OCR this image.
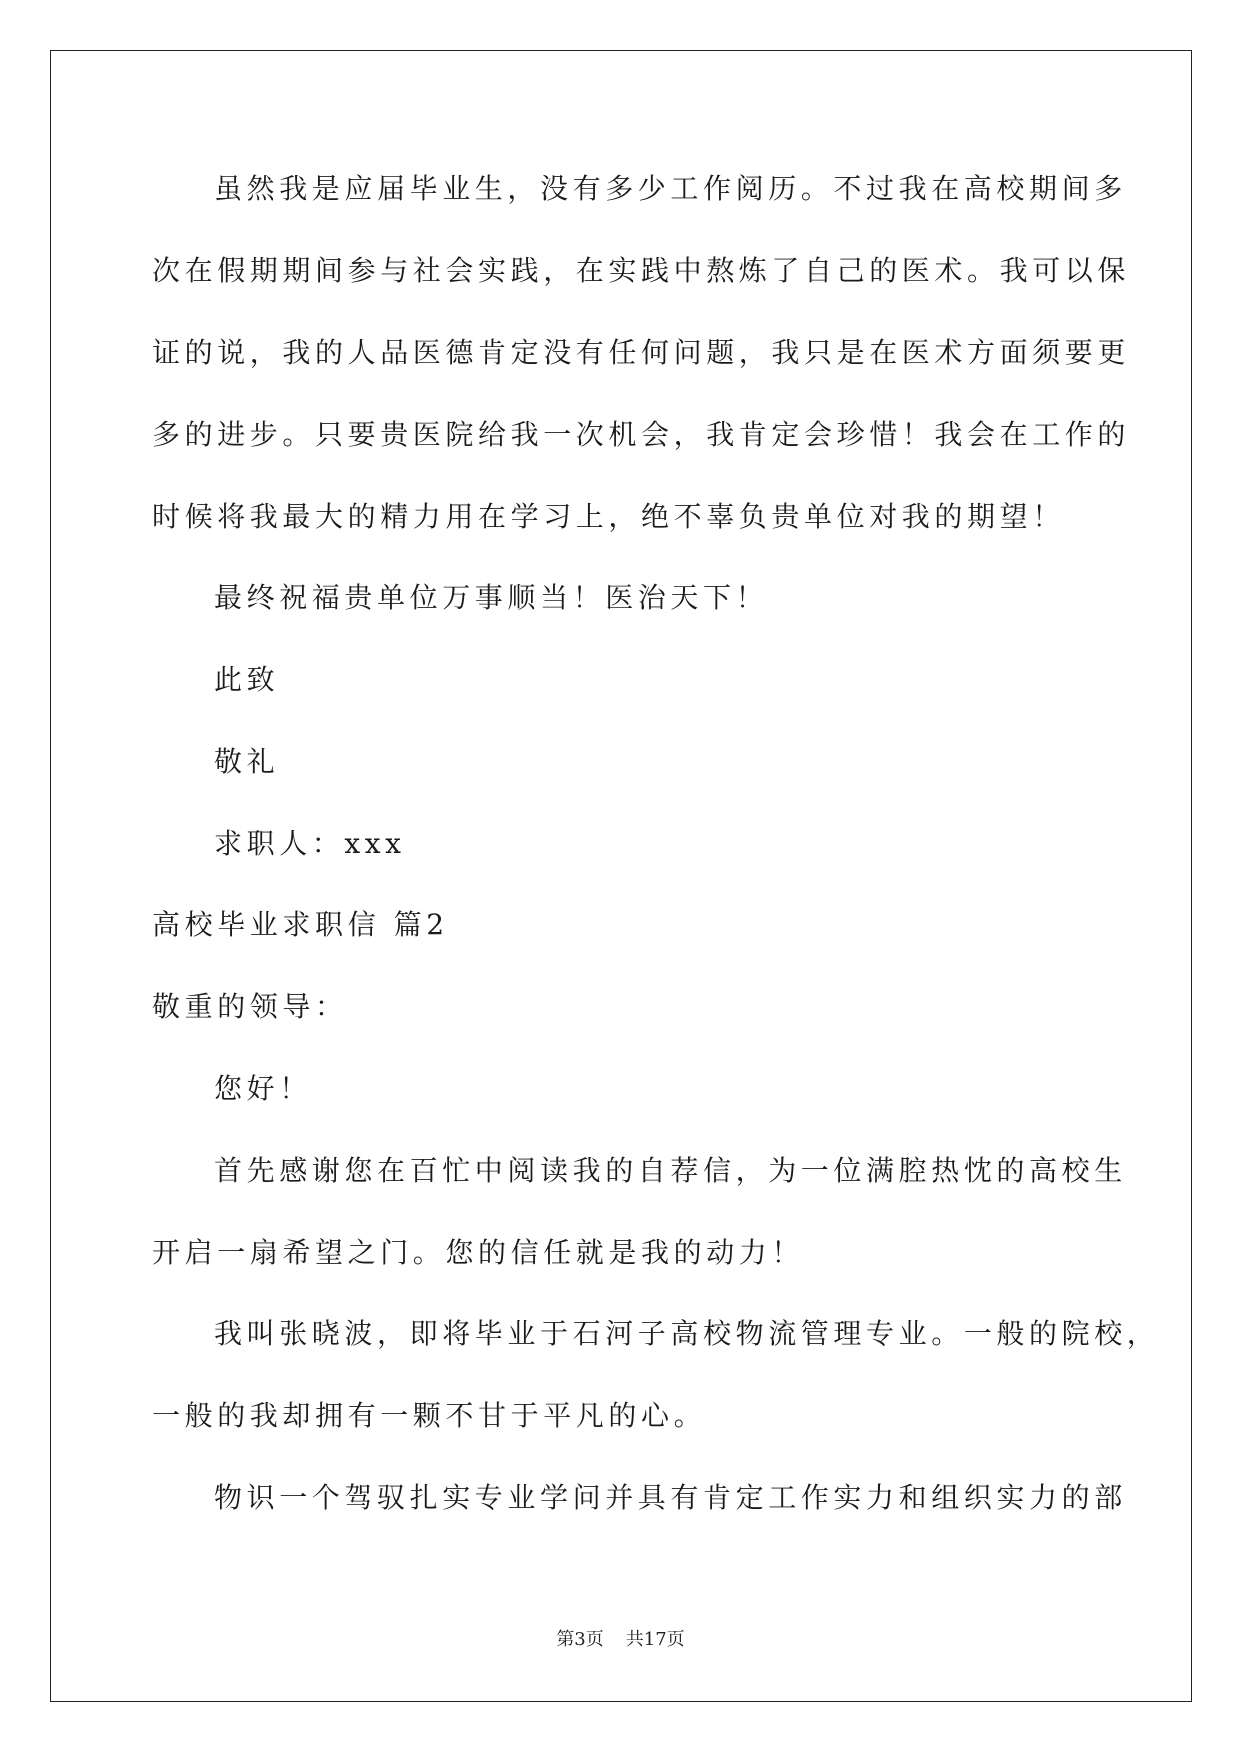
虽然我是应届毕业生，没有多少工作阅历。不过我在高校期间多
次在假期期间参与社会实践，在实践中熬炼了自己的医术。我可以保
证的说，我的人品医德肯定没有任何问题，我只是在医术方面须要更
多的进步。只要贵医院给我一次机会，我肯定会珍惜！我会在工作的
时候将我最大的精力用在学习上，绝不辜负贵单位对我的期望！
最终祝福贵单位万事顺当！医治天下！
此致
敬礼
求职人：xxx
高校毕业求职信 篇2
敬重的领导：
您好！
首先感谢您在百忙中阅读我的自荐信，为一位满腔热忱的高校生
开启一扇希望之门。您的信任就是我的动力！
我叫张晓波，即将毕业于石河子高校物流管理专业。一般的院校，
一般的我却拥有一颗不甘于平凡的心。
物识一个驾驭扎实专业学问并具有肯定工作实力和组织实力的部
第3页 共17页
